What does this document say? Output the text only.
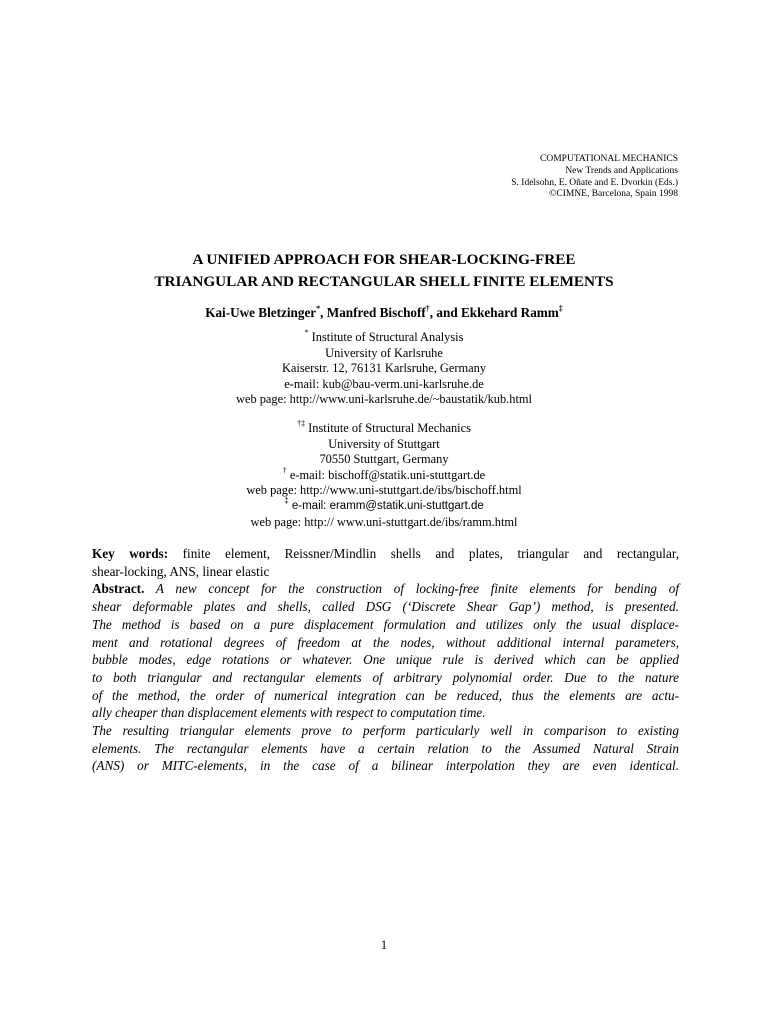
COMPUTATIONAL MECHANICS
New Trends and Applications
S. Idelsohn, E. Oñate and E. Dvorkin (Eds.)
©CIMNE, Barcelona, Spain 1998
A UNIFIED APPROACH FOR SHEAR-LOCKING-FREE
TRIANGULAR AND RECTANGULAR SHELL FINITE ELEMENTS
Kai-Uwe Bletzinger*, Manfred Bischoff†, and Ekkehard Ramm‡
* Institute of Structural Analysis
University of Karlsruhe
Kaiserstr. 12, 76131 Karlsruhe, Germany
e-mail: kub@bau-verm.uni-karlsruhe.de
web page: http://www.uni-karlsruhe.de/~baustatik/kub.html
†‡ Institute of Structural Mechanics
University of Stuttgart
70550 Stuttgart, Germany
† e-mail: bischoff@statik.uni-stuttgart.de
web page: http://www.uni-stuttgart.de/ibs/bischoff.html
‡ e-mail: eramm@statik.uni-stuttgart.de
web page: http:// www.uni-stuttgart.de/ibs/ramm.html
Key words: finite element, Reissner/Mindlin shells and plates, triangular and rectangular,
shear-locking, ANS, linear elastic
Abstract. A new concept for the construction of locking-free finite elements for bending of
shear deformable plates and shells, called DSG (‘Discrete Shear Gap’) method, is presented.
The method is based on a pure displacement formulation and utilizes only the usual displace-
ment and rotational degrees of freedom at the nodes, without additional internal parameters,
bubble modes, edge rotations or whatever. One unique rule is derived which can be applied
to both triangular and rectangular elements of arbitrary polynomial order. Due to the nature
of the method, the order of numerical integration can be reduced, thus the elements are actu-
ally cheaper than displacement elements with respect to computation time.
The resulting triangular elements prove to perform particularly well in comparison to existing
elements. The rectangular elements have a certain relation to the Assumed Natural Strain
(ANS) or MITC-elements, in the case of a bilinear interpolation they are even identical.
1
